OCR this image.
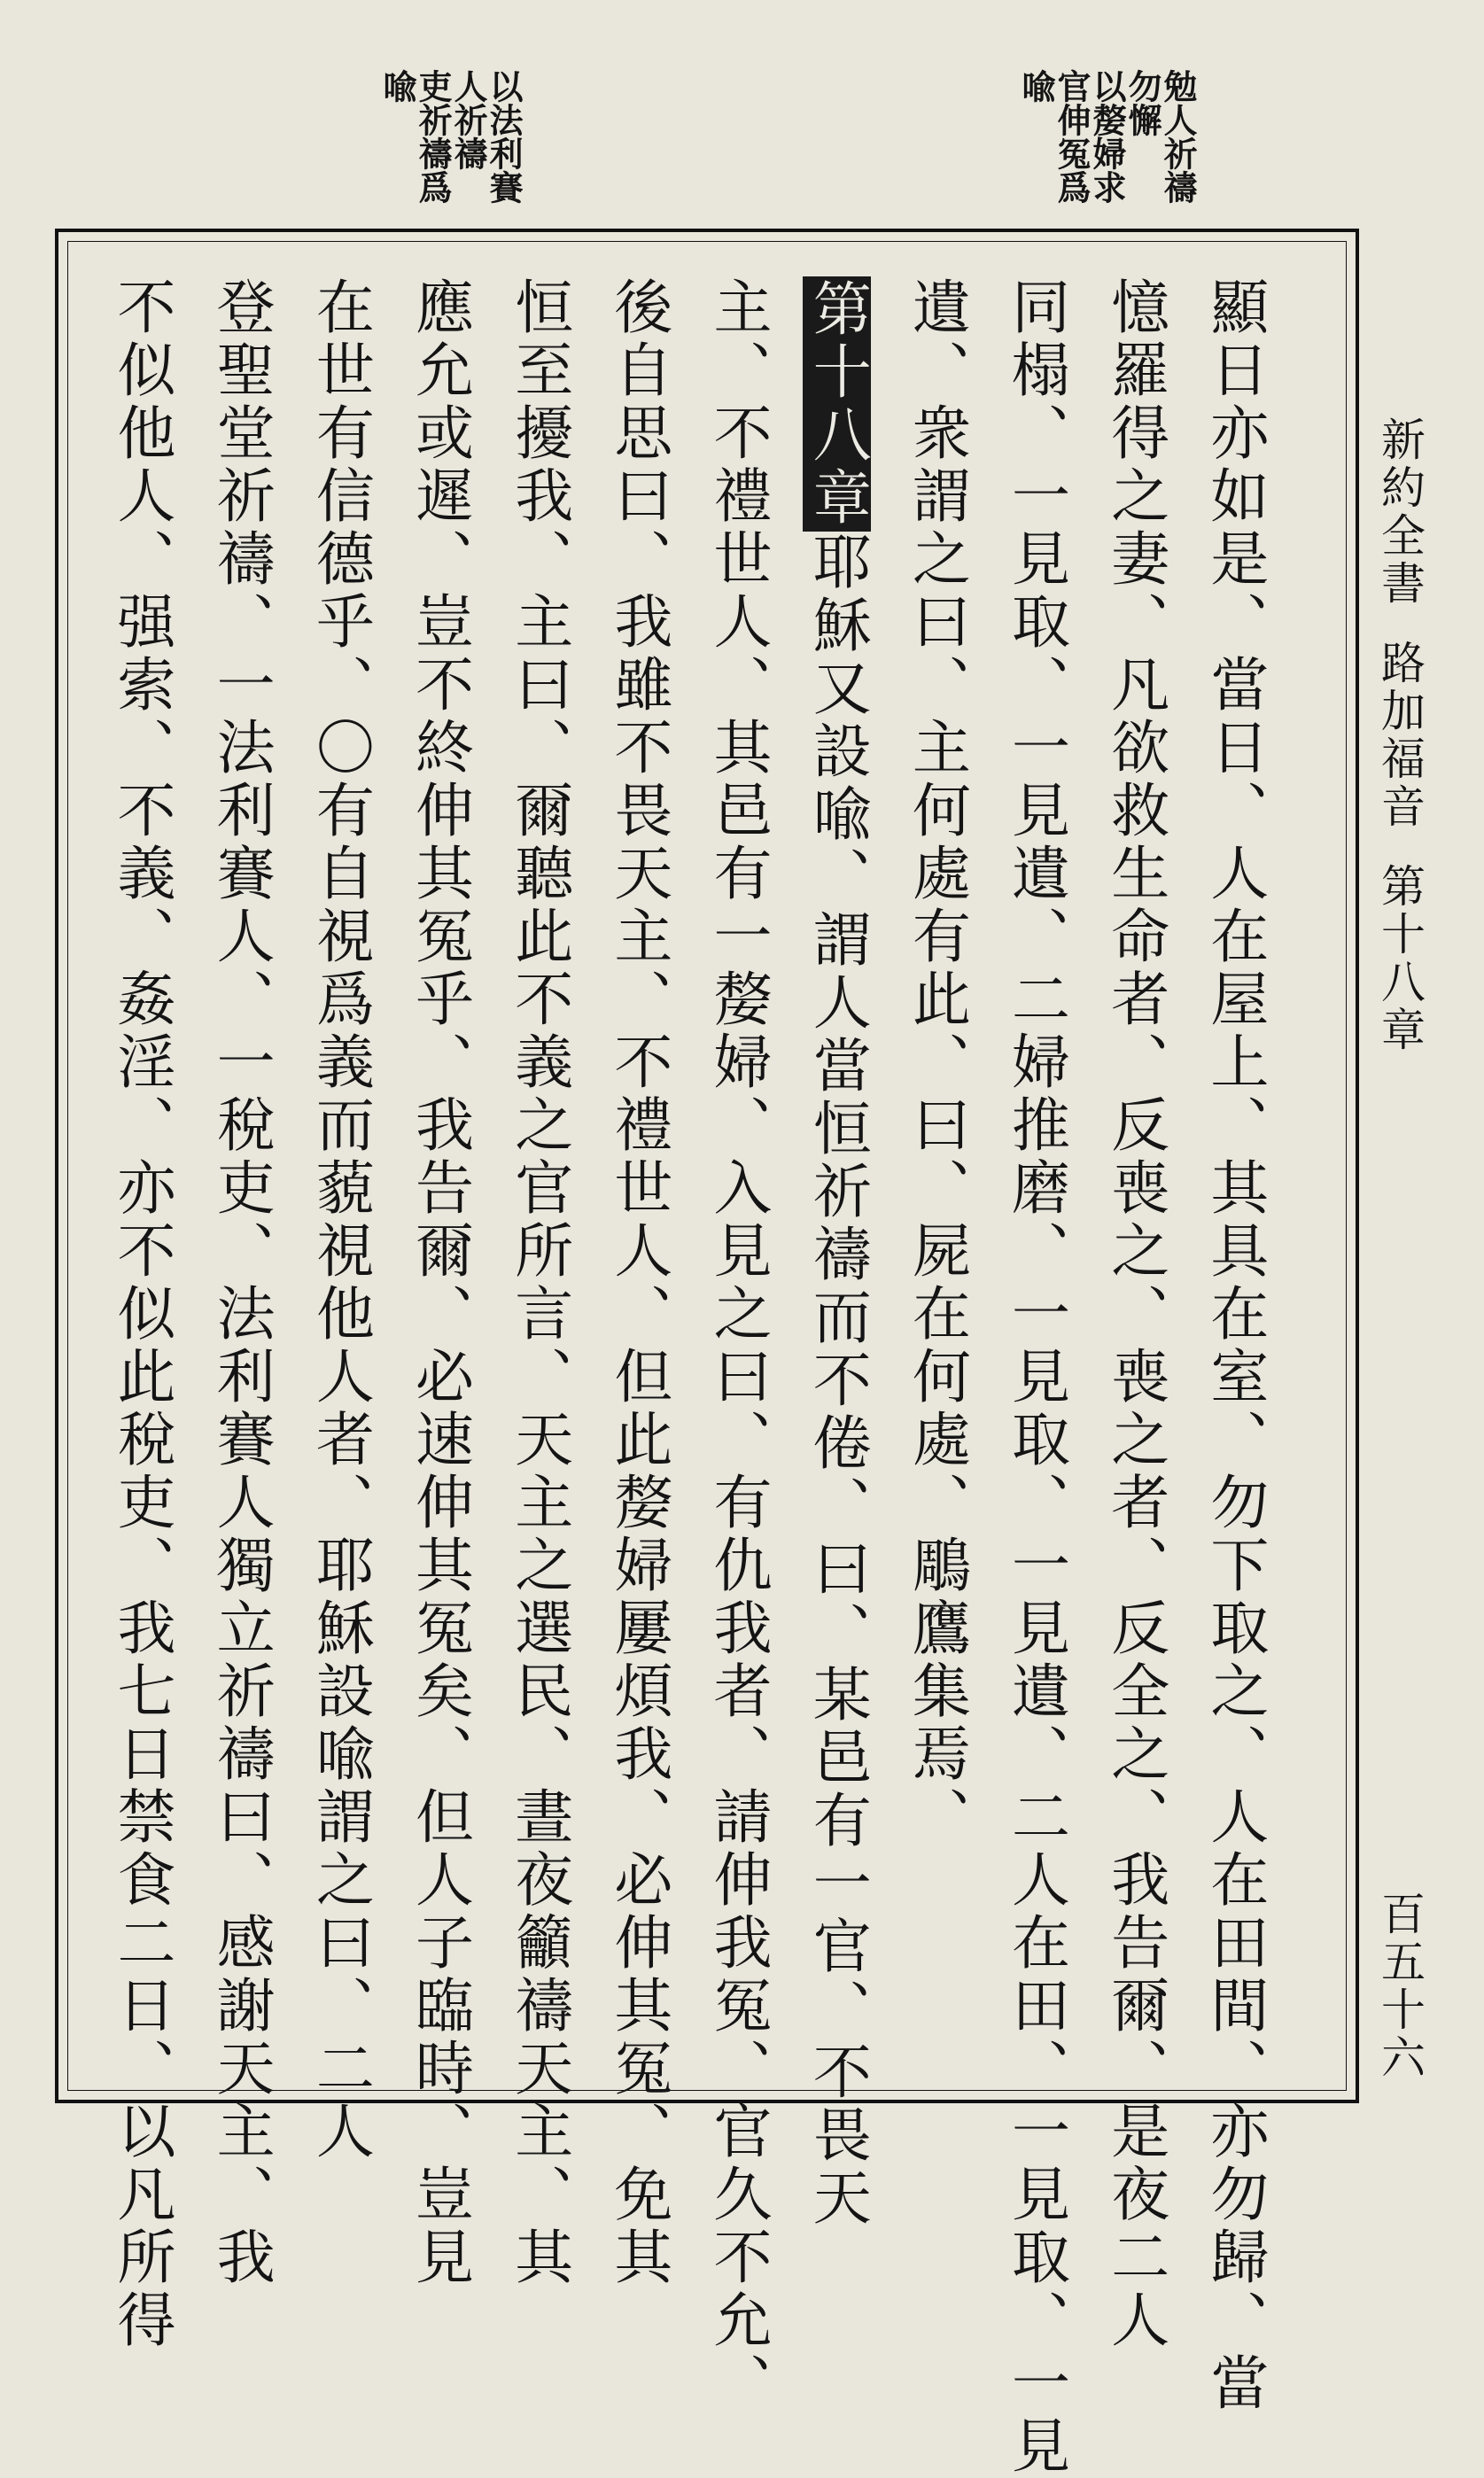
勉人祈禱
勿懈
以嫠婦求
官伸冤爲
喩
以法利賽
人祈禱
吏祈禱爲
喩
新約全書
路加福音
第十八章
百五十六
顯日亦如是、當日、人在屋上、其具在室、勿下取之、人在田間、亦勿歸、當
憶羅得之妻、凡欲救生命者、反喪之、喪之者、反全之、我告爾、是夜二人
同榻、一見取、一見遺、二婦推磨、一見取、一見遺、二人在田、一見取、一見
遺、衆謂之曰、主何處有此、曰、屍在何處、鵰鷹集焉、
第十八章耶穌又設喩、謂人當恒祈禱而不倦、曰、某邑有一官、不畏天
主、不禮世人、其邑有一嫠婦、入見之曰、有仇我者、請伸我冤、官久不允、
後自思曰、我雖不畏天主、不禮世人、但此嫠婦屢煩我、必伸其冤、免其
恒至擾我、主曰、爾聽此不義之官所言、天主之選民、晝夜籲禱天主、其
應允或遲、豈不終伸其冤乎、我告爾、必速伸其冤矣、但人子臨時、豈見
在世有信德乎、〇有自視爲義而藐視他人者、耶穌設喩謂之曰、二人
登聖堂祈禱、一法利賽人、一稅吏、法利賽人獨立祈禱曰、感謝天主、我
不似他人、强索、不義、姦淫、亦不似此稅吏、我七日禁食二日、以凡所得
